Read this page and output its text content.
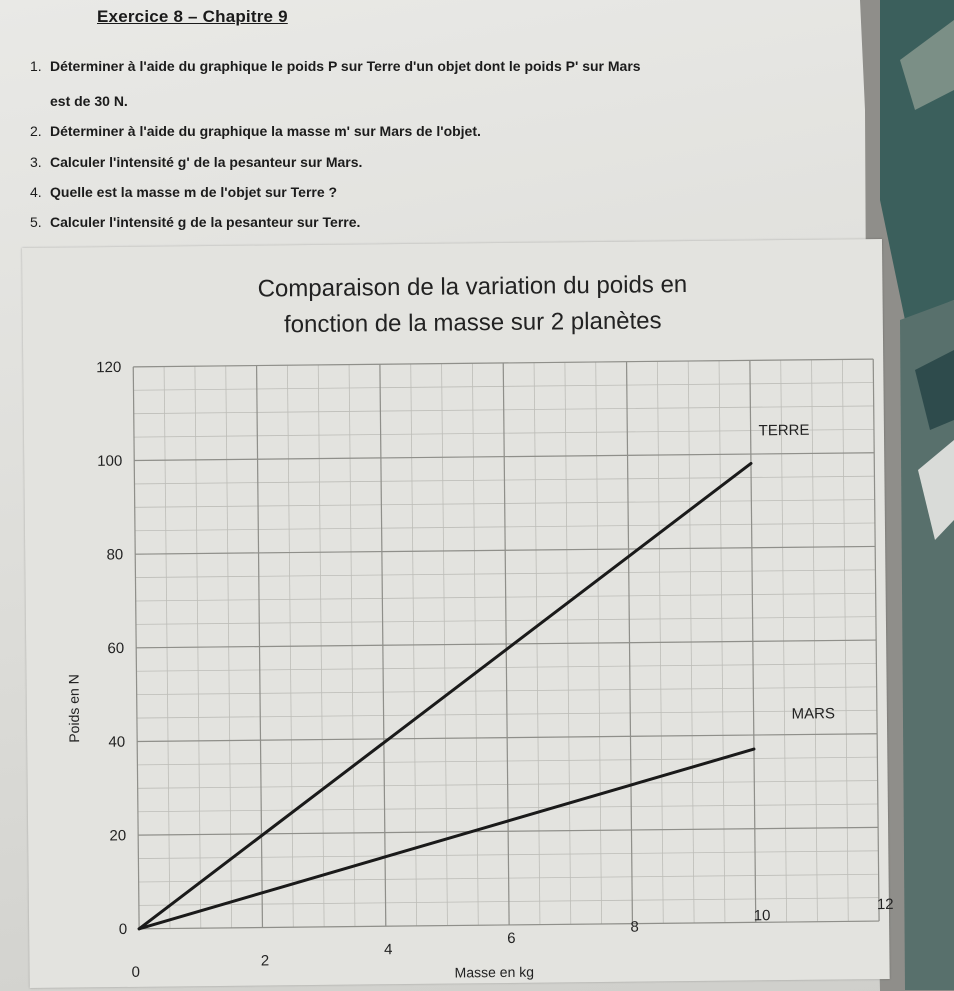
Exercice 8 – Chapitre 9

1. Déterminer à l'aide du graphique le poids P sur Terre d'un objet dont le poids P' sur Mars

est de 30 N.

2. Déterminer à l'aide du graphique la masse m' sur Mars de l'objet.

3. Calculer l'intensité g' de la pesanteur sur Mars.

4. Quelle est la masse m de l'objet sur Terre ?

5. Calculer l'intensité g de la pesanteur sur Terre.

Comparaison de la variation du poids en

fonction de la masse sur 2 planètes

0
2
4
6
8
10
12
0
20
40
60
80
100
120
Masse en kg
Poids en N
TERRE
MARS
